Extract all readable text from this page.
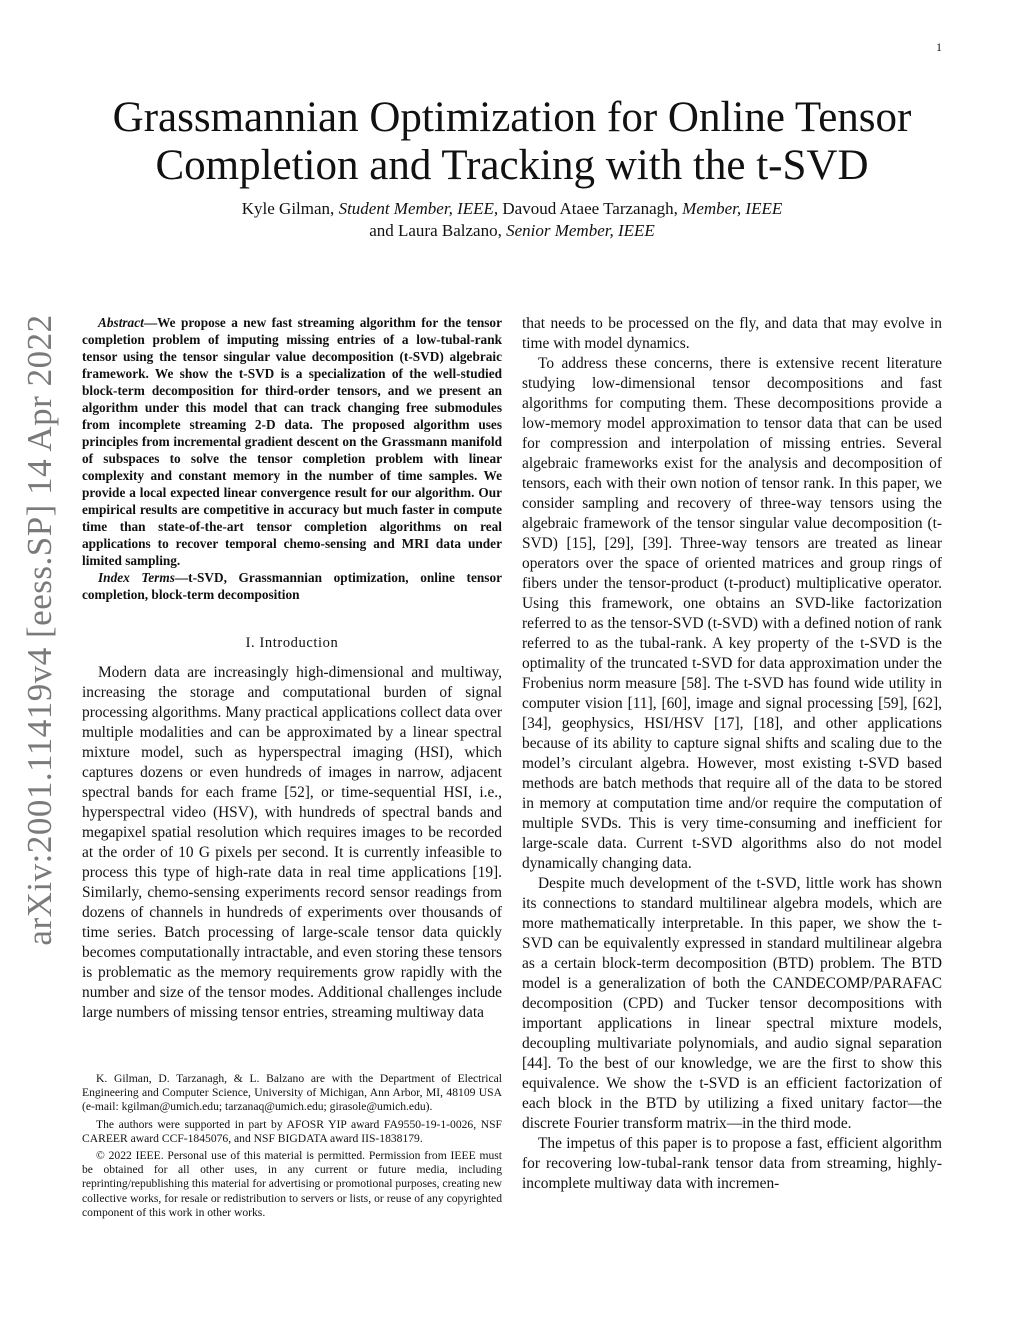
1
arXiv:2001.11419v4 [eess.SP] 14 Apr 2022
Grassmannian Optimization for Online Tensor
Completion and Tracking with the t-SVD
Kyle Gilman, Student Member, IEEE, Davoud Ataee Tarzanagh, Member, IEEE
and Laura Balzano, Senior Member, IEEE

Abstract—We propose a new fast streaming algorithm for the tensor completion problem of imputing missing entries of a low-tubal-rank tensor using the tensor singular value decomposition (t-SVD) algebraic framework. We show the t-SVD is a specialization of the well-studied block-term decomposition for third-order tensors, and we present an algorithm under this model that can track changing free submodules from incomplete streaming 2-D data. The proposed algorithm uses principles from incremental gradient descent on the Grassmann manifold of subspaces to solve the tensor completion problem with linear complexity and constant memory in the number of time samples. We provide a local expected linear convergence result for our algorithm. Our empirical results are competitive in accuracy but much faster in compute time than state-of-the-art tensor completion algorithms on real applications to recover temporal chemo-sensing and MRI data under limited sampling.

Index Terms—t-SVD, Grassmannian optimization, online tensor completion, block-term decomposition

I. Introduction

Modern data are increasingly high-dimensional and multiway, increasing the storage and computational burden of signal processing algorithms. Many practical applications collect data over multiple modalities and can be approximated by a linear spectral mixture model, such as hyperspectral imaging (HSI), which captures dozens or even hundreds of images in narrow, adjacent spectral bands for each frame [52], or time-sequential HSI, i.e., hyperspectral video (HSV), with hundreds of spectral bands and megapixel spatial resolution which requires images to be recorded at the order of 10 G pixels per second. It is currently infeasible to process this type of high-rate data in real time applications [19]. Similarly, chemo-sensing experiments record sensor readings from dozens of channels in hundreds of experiments over thousands of time series. Batch processing of large-scale tensor data quickly becomes computationally intractable, and even storing these tensors is problematic as the memory requirements grow rapidly with the number and size of the tensor modes. Additional challenges include large numbers of missing tensor entries, streaming multiway data

K. Gilman, D. Tarzanagh, & L. Balzano are with the Department of Electrical Engineering and Computer Science, University of Michigan, Ann Arbor, MI, 48109 USA (e-mail: kgilman@umich.edu; tarzanaq@umich.edu; girasole@umich.edu).

The authors were supported in part by AFOSR YIP award FA9550-19-1-0026, NSF CAREER award CCF-1845076, and NSF BIGDATA award IIS-1838179.

© 2022 IEEE. Personal use of this material is permitted. Permission from IEEE must be obtained for all other uses, in any current or future media, including reprinting/republishing this material for advertising or promotional purposes, creating new collective works, for resale or redistribution to servers or lists, or reuse of any copyrighted component of this work in other works.

that needs to be processed on the fly, and data that may evolve in time with model dynamics.

To address these concerns, there is extensive recent literature studying low-dimensional tensor decompositions and fast algorithms for computing them. These decompositions provide a low-memory model approximation to tensor data that can be used for compression and interpolation of missing entries. Several algebraic frameworks exist for the analysis and decomposition of tensors, each with their own notion of tensor rank. In this paper, we consider sampling and recovery of three-way tensors using the algebraic framework of the tensor singular value decomposition (t-SVD) [15], [29], [39]. Three-way tensors are treated as linear operators over the space of oriented matrices and group rings of fibers under the tensor-product (t-product) multiplicative operator. Using this framework, one obtains an SVD-like factorization referred to as the tensor-SVD (t-SVD) with a defined notion of rank referred to as the tubal-rank. A key property of the t-SVD is the optimality of the truncated t-SVD for data approximation under the Frobenius norm measure [58]. The t-SVD has found wide utility in computer vision [11], [60], image and signal processing [59], [62], [34], geophysics, HSI/HSV [17], [18], and other applications because of its ability to capture signal shifts and scaling due to the model’s circulant algebra. However, most existing t-SVD based methods are batch methods that require all of the data to be stored in memory at computation time and/or require the computation of multiple SVDs. This is very time-consuming and inefficient for large-scale data. Current t-SVD algorithms also do not model dynamically changing data.

Despite much development of the t-SVD, little work has shown its connections to standard multilinear algebra models, which are more mathematically interpretable. In this paper, we show the t-SVD can be equivalently expressed in standard multilinear algebra as a certain block-term decomposition (BTD) problem. The BTD model is a generalization of both the CANDECOMP/PARAFAC decomposition (CPD) and Tucker tensor decompositions with important applications in linear spectral mixture models, decoupling multivariate polynomials, and audio signal separation [44]. To the best of our knowledge, we are the first to show this equivalence. We show the t-SVD is an efficient factorization of each block in the BTD by utilizing a fixed unitary factor—the discrete Fourier transform matrix—in the third mode.

The impetus of this paper is to propose a fast, efficient algorithm for recovering low-tubal-rank tensor data from streaming, highly-incomplete multiway data with incremen-
